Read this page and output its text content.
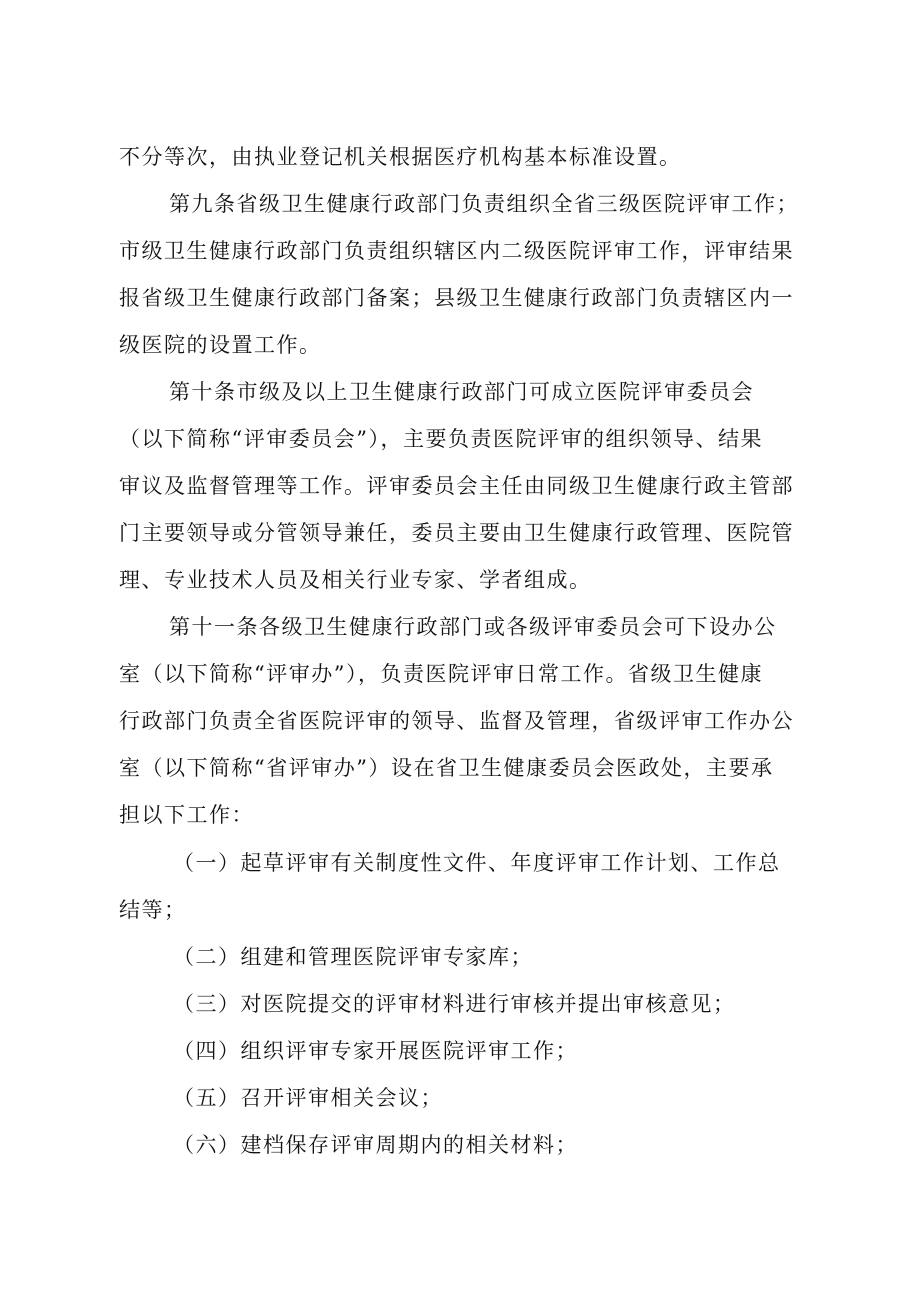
不分等次，由执业登记机关根据医疗机构基本标准设置。
第九条省级卫生健康行政部门负责组织全省三级医院评审工作；
市级卫生健康行政部门负责组织辖区内二级医院评审工作，评审结果
报省级卫生健康行政部门备案；县级卫生健康行政部门负责辖区内一
级医院的设置工作。
第十条市级及以上卫生健康行政部门可成立医院评审委员会
（以下简称“评审委员会”），主要负责医院评审的组织领导、结果
审议及监督管理等工作。评审委员会主任由同级卫生健康行政主管部
门主要领导或分管领导兼任，委员主要由卫生健康行政管理、医院管
理、专业技术人员及相关行业专家、学者组成。
第十一条各级卫生健康行政部门或各级评审委员会可下设办公
室（以下简称“评审办”），负责医院评审日常工作。省级卫生健康
行政部门负责全省医院评审的领导、监督及管理，省级评审工作办公
室（以下简称“省评审办”）设在省卫生健康委员会医政处，主要承
担以下工作：
（一）起草评审有关制度性文件、年度评审工作计划、工作总
结等；
（二）组建和管理医院评审专家库；
（三）对医院提交的评审材料进行审核并提出审核意见；
（四）组织评审专家开展医院评审工作；
（五）召开评审相关会议；
（六）建档保存评审周期内的相关材料；
